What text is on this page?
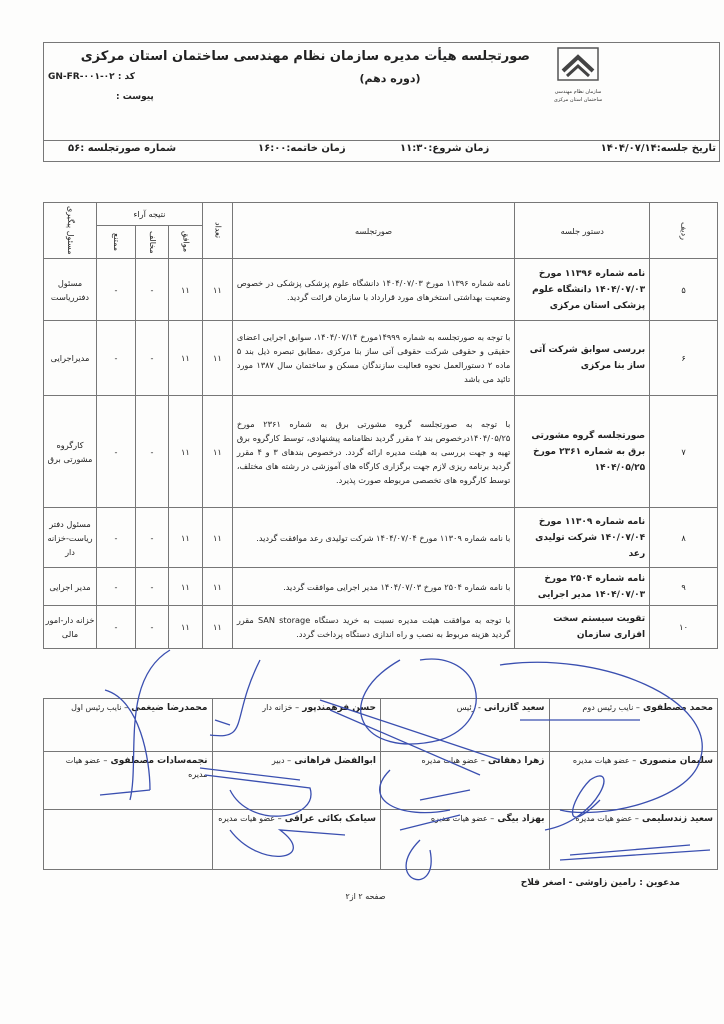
سازمان نظام مهندسی ساختمان استان مرکزی
صورتجلسه هیأت مدیره سازمان نظام مهندسی ساختمان استان مرکزی
(دوره دهم)
کد : GN-FR-۰۰۱-۰۲
پیوست :
تاریخ جلسه:۱۴۰۴/۰۷/۱۴
زمان شروع:۱۱:۳۰
زمان خاتمه:۱۶:۰۰
شماره صورتجلسه :۵۶
ردیف	دستور جلسه	صورتجلسه	تعداد	نتیجه آراء			مسئول پیگیری

				موافق	مخالف	ممتنع	

۵	نامه شماره ۱۱۳۹۶ مورخ ۱۴۰۴/۰۷/۰۳ دانشگاه علوم پزشکی استان مرکزی	نامه شماره ۱۱۳۹۶ مورخ ۱۴۰۴/۰۷/۰۳ دانشگاه علوم پزشکی پزشکی در خصوص وضعیت بهداشتی استخرهای مورد قرارداد با سازمان قرائت گردید.	۱۱	۱۱	-	-	مسئول دفترریاست
۶	بررسی سوابق شرکت آتی ساز بنا مرکزی	با توجه به صورتجلسه به شماره ۱۴۹۹۹مورخ ۱۴۰۴/۰۷/۱۴، سوابق اجرایی اعضای حقیقی و حقوقی شرکت حقوقی آتی ساز بنا مرکزی ،مطابق تبصره ذیل بند ۵ ماده ۲ دستورالعمل نحوه فعالیت سازندگان مسکن و ساختمان سال ۱۳۸۷ مورد تائید می باشد	۱۱	۱۱	-	-	مدیراجرایی
۷	صورتجلسه گروه مشورتی برق به شماره ۲۳۶۱ مورخ ۱۴۰۴/۰۵/۲۵	با توجه به صورتجلسه گروه مشورتی برق به شماره ۲۳۶۱ مورخ ۱۴۰۴/۰۵/۲۵درخصوص بند ۲ مقرر گردید نظامنامه پیشنهادی، توسط کارگروه برق تهیه و جهت بررسی به هیئت مدیره ارائه گردد. درخصوص بندهای ۳ و ۴ مقرر گردید برنامه ریزی لازم جهت برگزاری کارگاه های آموزشی در رشته های مختلف، توسط کارگروه های تخصصی مربوطه صورت پذیرد.	۱۱	۱۱	-	-	کارگروه مشورتی برق
۸	نامه شماره ۱۱۳۰۹ مورخ ۱۴۰/۰۷/۰۴ شرکت تولیدی رعد	با نامه شماره ۱۱۳۰۹ مورخ ۱۴۰۴/۰۷/۰۴ شرکت تولیدی رعد موافقت گردید.	۱۱	۱۱	-	-	مسئول دفتر ریاست-خزانه دار
۹	نامه شماره ۲۵۰۴ مورخ ۱۴۰۴/۰۷/۰۳ مدیر اجرایی	با نامه شماره ۲۵۰۴ مورخ ۱۴۰۴/۰۷/۰۳ مدیر اجرایی موافقت گردید.	۱۱	۱۱	-	-	مدیر اجرایی
۱۰	تقویت سیستم سخت افزاری سازمان	با توجه به موافقت هیئت مدیره نسبت به خرید دستگاه SAN storage مقرر گردید هزینه مربوط به نصب و راه اندازی دستگاه پرداخت گردد.	۱۱	۱۱	-	-	خزانه دار-امور مالی
محمد مصطفوی – نایب رئیس دوم	سعید گازرانی - رئیس	حسن فرهمندپور – خزانه دار	محمدرضا ضیغمی – نایب رئیس اول
سلیمان منصوری – عضو هیات مدیره	زهرا دهقانی – عضو هیات مدیره	ابوالفضل فراهانی – دبیر	نجمه‌سادات مصطفوی – عضو هیات مدیره
سعید زندسلیمی – عضو هیات مدیره	بهزاد بیگی – عضو هیات مدیره	سیامک بکائی عراقی – عضو هیات مدیره	
مدعوین : رامین زاوشی - اصغر فلاح
صفحه ۲ از۲
